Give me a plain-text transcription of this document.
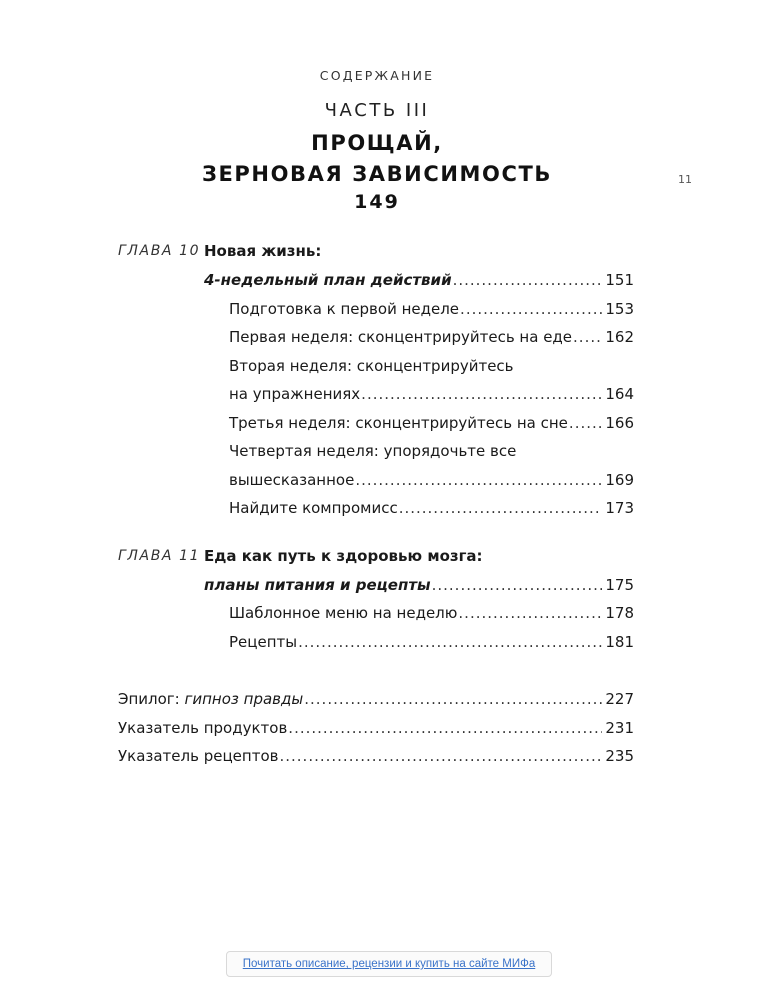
СОДЕРЖАНИЕ
ЧАСТЬ III
ПРОЩАЙ,
ЗЕРНОВАЯ ЗАВИСИМОСТЬ
149
11
ГЛАВА 10 Новая жизнь:
4-недельный план действий .....	151
Подготовка к первой неделе .....	153
Первая неделя: сконцентрируйтесь на еде ..... 162
Вторая неделя: сконцентрируйтесь
на упражнениях .....	164
Третья неделя: сконцентрируйтесь на сне ..... 166
Четвертая неделя: упорядочьте все
вышесказанное .....	169
Найдите компромисс .....	173
ГЛАВА 11 Еда как путь к здоровью мозга:
планы питания и рецепты .....	175
Шаблонное меню на неделю .....	178
Рецепты .....	181
Эпилог: гипноз правды .....	227
Указатель продуктов .....	231
Указатель рецептов .....	235
Почитать описание, рецензии и купить на сайте МИФа
